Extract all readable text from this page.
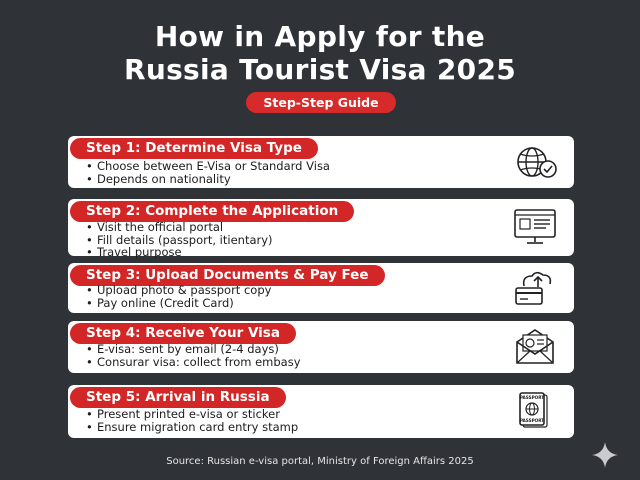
How in Apply for the
Russia Tourist Visa 2025
Step-Step Guide
Step 1: Determine Visa Type
• Choose between E-Visa or Standard Visa
• Depends on nationality
Step 2: Complete the Application
• Visit the official portal
• Fill details (passport, itientary)
• Travel purpose
Step 3: Upload Documents & Pay Fee
• Upload photo & passport copy
• Pay online (Credit Card)
Step 4: Receive Your Visa
• E-visa: sent by email (2-4 days)
• Consurar visa: collect from embasy
Step 5: Arrival in Russia
• Present printed e-visa or sticker
• Ensure migration card entry stamp
PASSPORT
PASSPORT
Source: Russian e-visa portal, Ministry of Foreign Affairs 2025
